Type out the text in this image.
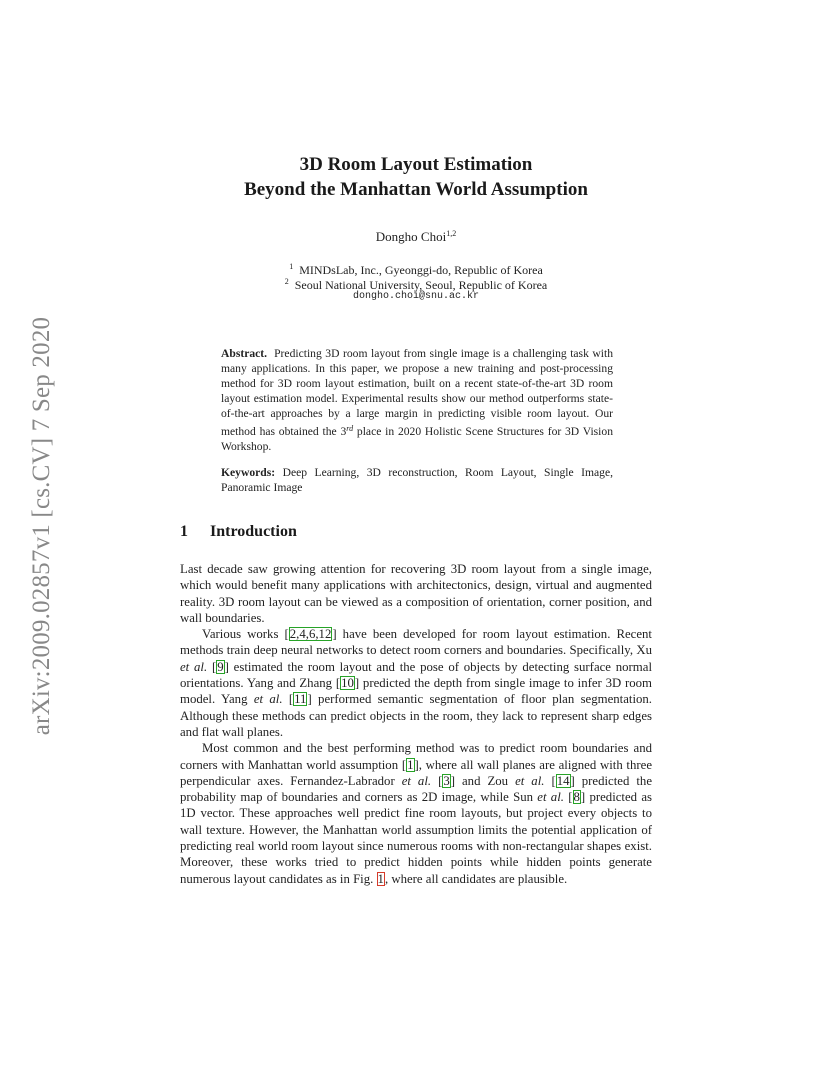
arXiv:2009.02857v1 [cs.CV] 7 Sep 2020
3D Room Layout Estimation
Beyond the Manhattan World Assumption
Dongho Choi$^{1,2}$
$^1$ MINDsLab, Inc., Gyeonggi-do, Republic of Korea
$^2$ Seoul National University, Seoul, Republic of Korea
dongho.choi@snu.ac.kr
Abstract. Predicting 3D room layout from single image is a challenging task with many applications. In this paper, we propose a new training and post-processing method for 3D room layout estimation, built on a recent state-of-the-art 3D room layout estimation model. Experimental results show our method outperforms state-of-the-art approaches by a large margin in predicting visible room layout. Our method has obtained the 3rd place in 2020 Holistic Scene Structures for 3D Vision Workshop.
Keywords: Deep Learning, 3D reconstruction, Room Layout, Single Image, Panoramic Image
1 Introduction

Last decade saw growing attention for recovering 3D room layout from a single image, which would benefit many applications with architectonics, design, virtual and augmented reality. 3D room layout can be viewed as a composition of orientation, corner position, and wall boundaries.

Various works [2,4,6,12] have been developed for room layout estimation. Recent methods train deep neural networks to detect room corners and boundaries. Specifically, Xu et al. [9] estimated the room layout and the pose of objects by detecting surface normal orientations. Yang and Zhang [10] predicted the depth from single image to infer 3D room model. Yang et al. [11] performed semantic segmentation of floor plan segmentation. Although these methods can predict objects in the room, they lack to represent sharp edges and flat wall planes.

Most common and the best performing method was to predict room boundaries and corners with Manhattan world assumption [1], where all wall planes are aligned with three perpendicular axes. Fernandez-Labrador et al. [3] and Zou et al. [14] predicted the probability map of boundaries and corners as 2D image, while Sun et al. [8] predicted as 1D vector. These approaches well predict fine room layouts, but project every objects to wall texture. However, the Manhattan world assumption limits the potential application of predicting real world room layout since numerous rooms with non-rectangular shapes exist. Moreover, these works tried to predict hidden points while hidden points generate numerous layout candidates as in Fig. 1, where all candidates are plausible.
